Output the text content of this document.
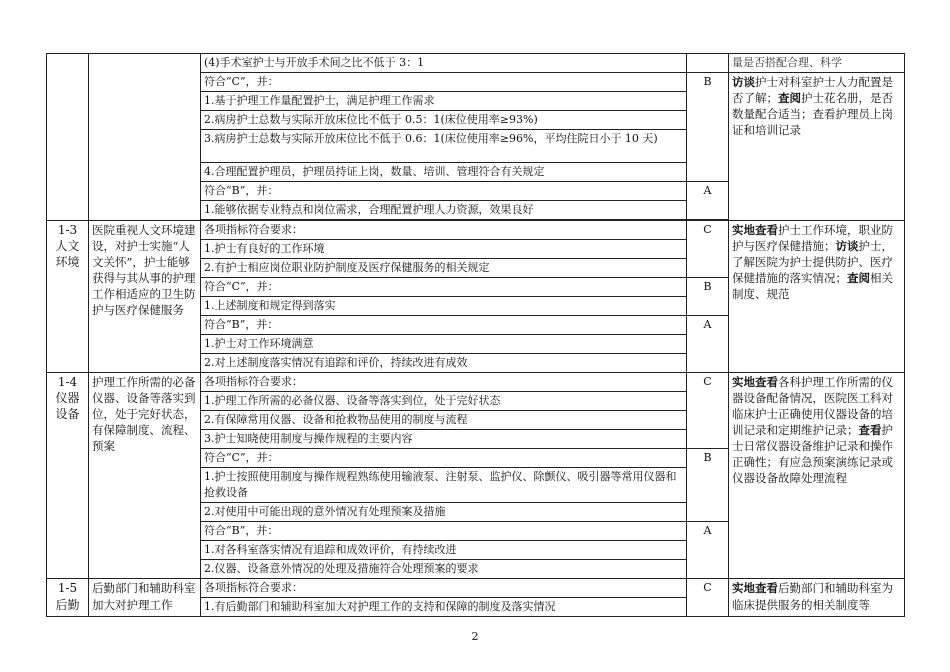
		(4)手术室护士与开放手术间之比不低于 3：1		量是否搭配合理、科学
		符合“C”，并：	B	访谈护士对科室护士人力配置是否了解；查阅护士花名册，是否数量配合适当；查看护理员上岗证和培训记录
		1.基于护理工作量配置护士，满足护理工作需求		
		2.病房护士总数与实际开放床位比不低于 0.5：1(床位使用率≥93%)		
		3.病房护士总数与实际开放床位比不低于 0.6：1(床位使用率≥96%，平均住院日小于 10 天)		
		4.合理配置护理员，护理员持证上岗，数量、培训、管理符合有关规定		
		符合“B”，并：	A	
		1.能够依据专业特点和岗位需求，合理配置护理人力资源，效果良好		

1-3
人文
环境	医院重视人文环境建设，对护士实施“人文关怀”，护士能够获得与其从事的护理工作相适应的卫生防护与医疗保健服务	各项指标符合要求：	C	实地查看护士工作环境，职业防护与医疗保健措施；访谈护士，了解医院为护士提供防护、医疗保健措施的落实情况；查阅相关制度、规范
		1.护士有良好的工作环境		
		2.有护士相应岗位职业防护制度及医疗保健服务的相关规定		
		符合“C”，并：	B	
		1.上述制度和规定得到落实		
		符合“B”，并：	A	
		1.护士对工作环境满意		
		2.对上述制度落实情况有追踪和评价，持续改进有成效		
1-4
仪器
设备	护理工作所需的必备仪器、设备等落实到位，处于完好状态，有保障制度、流程、预案	各项指标符合要求：	C	实地查看各科护理工作所需的仪器设备配备情况，医院医工科对临床护士正确使用仪器设备的培训记录和定期维护记录；查看护士日常仪器设备维护记录和操作正确性；有应急预案演练记录或仪器设备故障处理流程
		1.护理工作所需的必备仪器、设备等落实到位，处于完好状态		
		2.有保障常用仪器、设备和抢救物品使用的制度与流程		
		3.护士知晓使用制度与操作规程的主要内容		
		符合“C”，并：	B	
		1.护士按照使用制度与操作规程熟练使用输液泵、注射泵、监护仪、除颤仪、吸引器等常用仪器和抢救设备		
		2.对使用中可能出现的意外情况有处理预案及措施		
		符合“B”，并：	A	
		1.对各科室落实情况有追踪和成效评价，有持续改进		
		2.仪器、设备意外情况的处理及措施符合处理预案的要求		
1-5
后勤	后勤部门和辅助科室加大对护理工作	各项指标符合要求：	C	实地查看后勤部门和辅助科室为临床提供服务的相关制度等
		1.有后勤部门和辅助科室加大对护理工作的支持和保障的制度及落实情况		
2
